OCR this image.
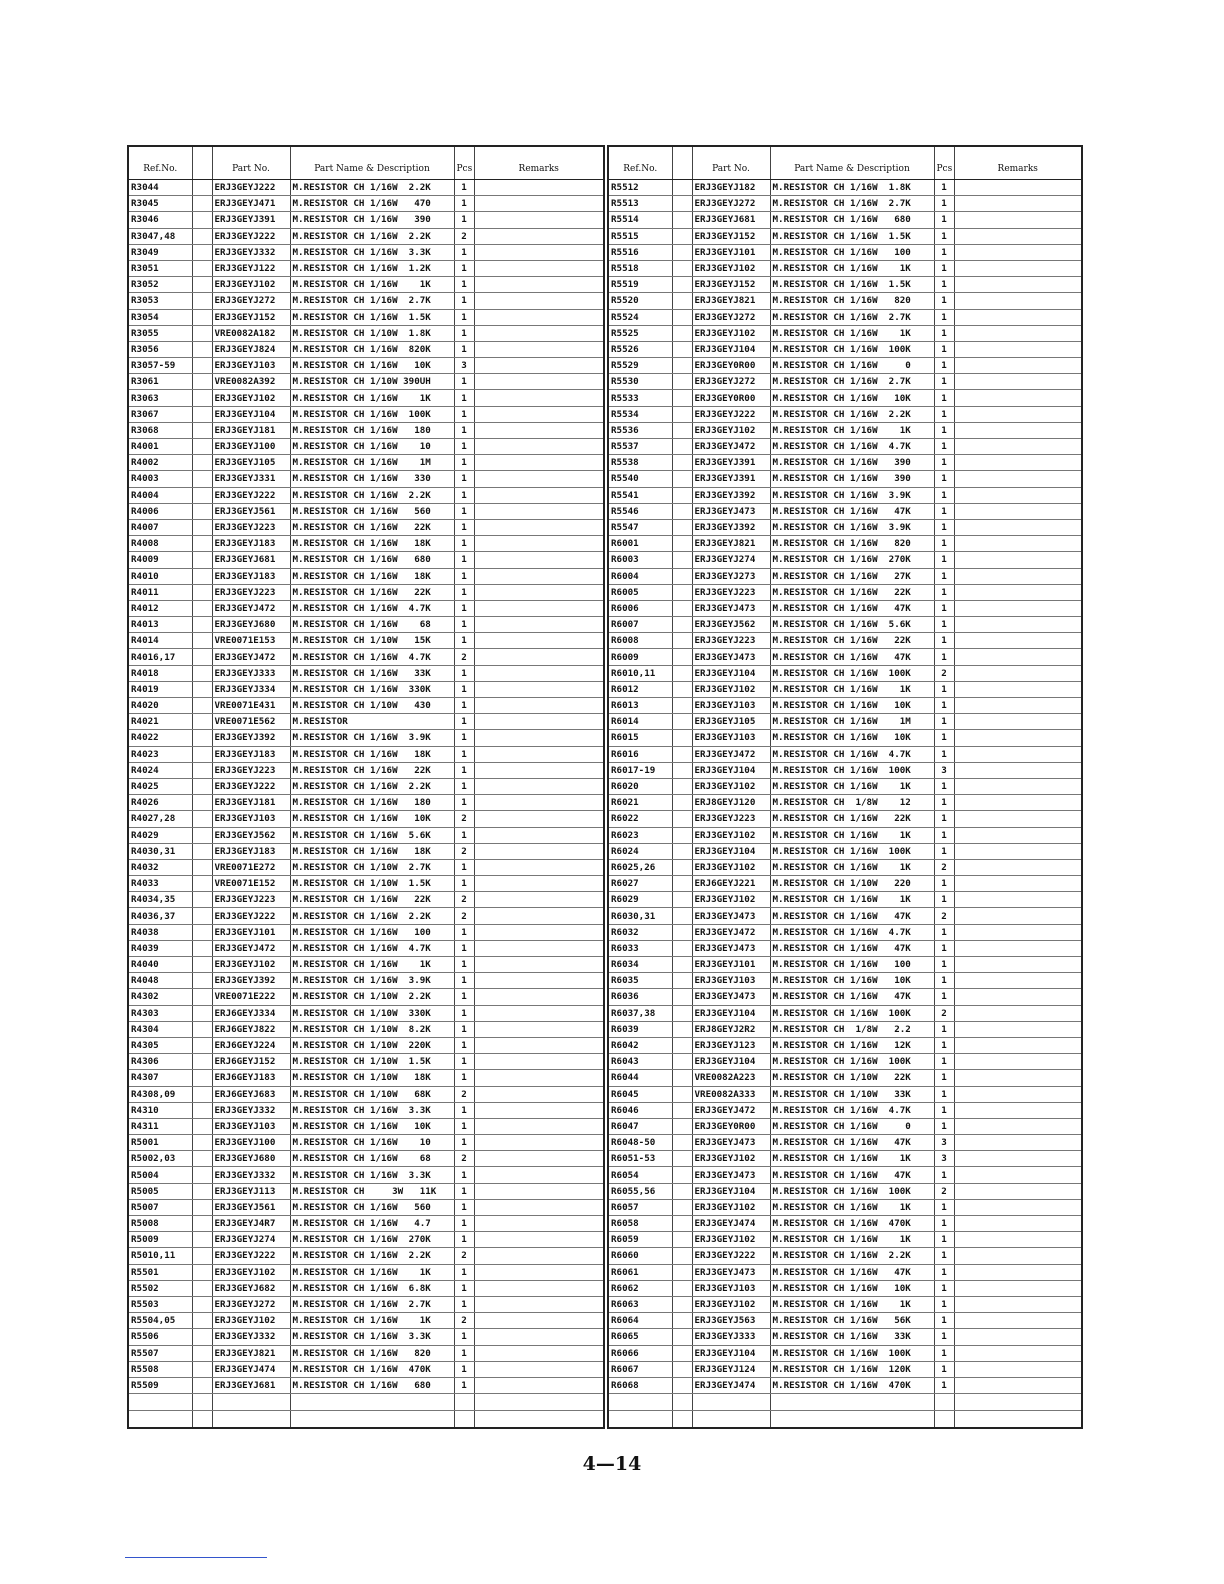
Ref.No.		Part No.	Part Name & Description	Pcs	Remarks
R3044		ERJ3GEYJ222	M.RESISTOR CH 1/16W  2.2K	1	
R3045		ERJ3GEYJ471	M.RESISTOR CH 1/16W   470	1	
R3046		ERJ3GEYJ391	M.RESISTOR CH 1/16W   390	1	
R3047,48		ERJ3GEYJ222	M.RESISTOR CH 1/16W  2.2K	2	
R3049		ERJ3GEYJ332	M.RESISTOR CH 1/16W  3.3K	1	
R3051		ERJ3GEYJ122	M.RESISTOR CH 1/16W  1.2K	1	
R3052		ERJ3GEYJ102	M.RESISTOR CH 1/16W    1K	1	
R3053		ERJ3GEYJ272	M.RESISTOR CH 1/16W  2.7K	1	
R3054		ERJ3GEYJ152	M.RESISTOR CH 1/16W  1.5K	1	
R3055		VRE0082A182	M.RESISTOR CH 1/10W  1.8K	1	
R3056		ERJ3GEYJ824	M.RESISTOR CH 1/16W  820K	1	
R3057-59		ERJ3GEYJ103	M.RESISTOR CH 1/16W   10K	3	
R3061		VRE0082A392	M.RESISTOR CH 1/10W 390UH	1	
R3063		ERJ3GEYJ102	M.RESISTOR CH 1/16W    1K	1	
R3067		ERJ3GEYJ104	M.RESISTOR CH 1/16W  100K	1	
R3068		ERJ3GEYJ181	M.RESISTOR CH 1/16W   180	1	
R4001		ERJ3GEYJ100	M.RESISTOR CH 1/16W    10	1	
R4002		ERJ3GEYJ105	M.RESISTOR CH 1/16W    1M	1	
R4003		ERJ3GEYJ331	M.RESISTOR CH 1/16W   330	1	
R4004		ERJ3GEYJ222	M.RESISTOR CH 1/16W  2.2K	1	
R4006		ERJ3GEYJ561	M.RESISTOR CH 1/16W   560	1	
R4007		ERJ3GEYJ223	M.RESISTOR CH 1/16W   22K	1	
R4008		ERJ3GEYJ183	M.RESISTOR CH 1/16W   18K	1	
R4009		ERJ3GEYJ681	M.RESISTOR CH 1/16W   680	1	
R4010		ERJ3GEYJ183	M.RESISTOR CH 1/16W   18K	1	
R4011		ERJ3GEYJ223	M.RESISTOR CH 1/16W   22K	1	
R4012		ERJ3GEYJ472	M.RESISTOR CH 1/16W  4.7K	1	
R4013		ERJ3GEYJ680	M.RESISTOR CH 1/16W    68	1	
R4014		VRE0071E153	M.RESISTOR CH 1/10W   15K	1	
R4016,17		ERJ3GEYJ472	M.RESISTOR CH 1/16W  4.7K	2	
R4018		ERJ3GEYJ333	M.RESISTOR CH 1/16W   33K	1	
R4019		ERJ3GEYJ334	M.RESISTOR CH 1/16W  330K	1	
R4020		VRE0071E431	M.RESISTOR CH 1/10W   430	1	
R4021		VRE0071E562	M.RESISTOR	1	
R4022		ERJ3GEYJ392	M.RESISTOR CH 1/16W  3.9K	1	
R4023		ERJ3GEYJ183	M.RESISTOR CH 1/16W   18K	1	
R4024		ERJ3GEYJ223	M.RESISTOR CH 1/16W   22K	1	
R4025		ERJ3GEYJ222	M.RESISTOR CH 1/16W  2.2K	1	
R4026		ERJ3GEYJ181	M.RESISTOR CH 1/16W   180	1	
R4027,28		ERJ3GEYJ103	M.RESISTOR CH 1/16W   10K	2	
R4029		ERJ3GEYJ562	M.RESISTOR CH 1/16W  5.6K	1	
R4030,31		ERJ3GEYJ183	M.RESISTOR CH 1/16W   18K	2	
R4032		VRE0071E272	M.RESISTOR CH 1/10W  2.7K	1	
R4033		VRE0071E152	M.RESISTOR CH 1/10W  1.5K	1	
R4034,35		ERJ3GEYJ223	M.RESISTOR CH 1/16W   22K	2	
R4036,37		ERJ3GEYJ222	M.RESISTOR CH 1/16W  2.2K	2	
R4038		ERJ3GEYJ101	M.RESISTOR CH 1/16W   100	1	
R4039		ERJ3GEYJ472	M.RESISTOR CH 1/16W  4.7K	1	
R4040		ERJ3GEYJ102	M.RESISTOR CH 1/16W    1K	1	
R4048		ERJ3GEYJ392	M.RESISTOR CH 1/16W  3.9K	1	
R4302		VRE0071E222	M.RESISTOR CH 1/10W  2.2K	1	
R4303		ERJ6GEYJ334	M.RESISTOR CH 1/10W  330K	1	
R4304		ERJ6GEYJ822	M.RESISTOR CH 1/10W  8.2K	1	
R4305		ERJ6GEYJ224	M.RESISTOR CH 1/10W  220K	1	
R4306		ERJ6GEYJ152	M.RESISTOR CH 1/10W  1.5K	1	
R4307		ERJ6GEYJ183	M.RESISTOR CH 1/10W   18K	1	
R4308,09		ERJ6GEYJ683	M.RESISTOR CH 1/10W   68K	2	
R4310		ERJ3GEYJ332	M.RESISTOR CH 1/16W  3.3K	1	
R4311		ERJ3GEYJ103	M.RESISTOR CH 1/16W   10K	1	
R5001		ERJ3GEYJ100	M.RESISTOR CH 1/16W    10	1	
R5002,03		ERJ3GEYJ680	M.RESISTOR CH 1/16W    68	2	
R5004		ERJ3GEYJ332	M.RESISTOR CH 1/16W  3.3K	1	
R5005		ERJ3GEYJ113	M.RESISTOR CH     3W   11K	1	
R5007		ERJ3GEYJ561	M.RESISTOR CH 1/16W   560	1	
R5008		ERJ3GEYJ4R7	M.RESISTOR CH 1/16W   4.7	1	
R5009		ERJ3GEYJ274	M.RESISTOR CH 1/16W  270K	1	
R5010,11		ERJ3GEYJ222	M.RESISTOR CH 1/16W  2.2K	2	
R5501		ERJ3GEYJ102	M.RESISTOR CH 1/16W    1K	1	
R5502		ERJ3GEYJ682	M.RESISTOR CH 1/16W  6.8K	1	
R5503		ERJ3GEYJ272	M.RESISTOR CH 1/16W  2.7K	1	
R5504,05		ERJ3GEYJ102	M.RESISTOR CH 1/16W    1K	2	
R5506		ERJ3GEYJ332	M.RESISTOR CH 1/16W  3.3K	1	
R5507		ERJ3GEYJ821	M.RESISTOR CH 1/16W   820	1	
R5508		ERJ3GEYJ474	M.RESISTOR CH 1/16W  470K	1	
R5509		ERJ3GEYJ681	M.RESISTOR CH 1/16W   680	1	

Ref.No.		Part No.	Part Name & Description	Pcs	Remarks
R5512		ERJ3GEYJ182	M.RESISTOR CH 1/16W  1.8K	1	
R5513		ERJ3GEYJ272	M.RESISTOR CH 1/16W  2.7K	1	
R5514		ERJ3GEYJ681	M.RESISTOR CH 1/16W   680	1	
R5515		ERJ3GEYJ152	M.RESISTOR CH 1/16W  1.5K	1	
R5516		ERJ3GEYJ101	M.RESISTOR CH 1/16W   100	1	
R5518		ERJ3GEYJ102	M.RESISTOR CH 1/16W    1K	1	
R5519		ERJ3GEYJ152	M.RESISTOR CH 1/16W  1.5K	1	
R5520		ERJ3GEYJ821	M.RESISTOR CH 1/16W   820	1	
R5524		ERJ3GEYJ272	M.RESISTOR CH 1/16W  2.7K	1	
R5525		ERJ3GEYJ102	M.RESISTOR CH 1/16W    1K	1	
R5526		ERJ3GEYJ104	M.RESISTOR CH 1/16W  100K	1	
R5529		ERJ3GEY0R00	M.RESISTOR CH 1/16W     0	1	
R5530		ERJ3GEYJ272	M.RESISTOR CH 1/16W  2.7K	1	
R5533		ERJ3GEY0R00	M.RESISTOR CH 1/16W   10K	1	
R5534		ERJ3GEYJ222	M.RESISTOR CH 1/16W  2.2K	1	
R5536		ERJ3GEYJ102	M.RESISTOR CH 1/16W    1K	1	
R5537		ERJ3GEYJ472	M.RESISTOR CH 1/16W  4.7K	1	
R5538		ERJ3GEYJ391	M.RESISTOR CH 1/16W   390	1	
R5540		ERJ3GEYJ391	M.RESISTOR CH 1/16W   390	1	
R5541		ERJ3GEYJ392	M.RESISTOR CH 1/16W  3.9K	1	
R5546		ERJ3GEYJ473	M.RESISTOR CH 1/16W   47K	1	
R5547		ERJ3GEYJ392	M.RESISTOR CH 1/16W  3.9K	1	
R6001		ERJ3GEYJ821	M.RESISTOR CH 1/16W   820	1	
R6003		ERJ3GEYJ274	M.RESISTOR CH 1/16W  270K	1	
R6004		ERJ3GEYJ273	M.RESISTOR CH 1/16W   27K	1	
R6005		ERJ3GEYJ223	M.RESISTOR CH 1/16W   22K	1	
R6006		ERJ3GEYJ473	M.RESISTOR CH 1/16W   47K	1	
R6007		ERJ3GEYJ562	M.RESISTOR CH 1/16W  5.6K	1	
R6008		ERJ3GEYJ223	M.RESISTOR CH 1/16W   22K	1	
R6009		ERJ3GEYJ473	M.RESISTOR CH 1/16W   47K	1	
R6010,11		ERJ3GEYJ104	M.RESISTOR CH 1/16W  100K	2	
R6012		ERJ3GEYJ102	M.RESISTOR CH 1/16W    1K	1	
R6013		ERJ3GEYJ103	M.RESISTOR CH 1/16W   10K	1	
R6014		ERJ3GEYJ105	M.RESISTOR CH 1/16W    1M	1	
R6015		ERJ3GEYJ103	M.RESISTOR CH 1/16W   10K	1	
R6016		ERJ3GEYJ472	M.RESISTOR CH 1/16W  4.7K	1	
R6017-19		ERJ3GEYJ104	M.RESISTOR CH 1/16W  100K	3	
R6020		ERJ3GEYJ102	M.RESISTOR CH 1/16W    1K	1	
R6021		ERJ8GEYJ120	M.RESISTOR CH  1/8W    12	1	
R6022		ERJ3GEYJ223	M.RESISTOR CH 1/16W   22K	1	
R6023		ERJ3GEYJ102	M.RESISTOR CH 1/16W    1K	1	
R6024		ERJ3GEYJ104	M.RESISTOR CH 1/16W  100K	1	
R6025,26		ERJ3GEYJ102	M.RESISTOR CH 1/16W    1K	2	
R6027		ERJ6GEYJ221	M.RESISTOR CH 1/10W   220	1	
R6029		ERJ3GEYJ102	M.RESISTOR CH 1/16W    1K	1	
R6030,31		ERJ3GEYJ473	M.RESISTOR CH 1/16W   47K	2	
R6032		ERJ3GEYJ472	M.RESISTOR CH 1/16W  4.7K	1	
R6033		ERJ3GEYJ473	M.RESISTOR CH 1/16W   47K	1	
R6034		ERJ3GEYJ101	M.RESISTOR CH 1/16W   100	1	
R6035		ERJ3GEYJ103	M.RESISTOR CH 1/16W   10K	1	
R6036		ERJ3GEYJ473	M.RESISTOR CH 1/16W   47K	1	
R6037,38		ERJ3GEYJ104	M.RESISTOR CH 1/16W  100K	2	
R6039		ERJ8GEYJ2R2	M.RESISTOR CH  1/8W   2.2	1	
R6042		ERJ3GEYJ123	M.RESISTOR CH 1/16W   12K	1	
R6043		ERJ3GEYJ104	M.RESISTOR CH 1/16W  100K	1	
R6044		VRE0082A223	M.RESISTOR CH 1/10W   22K	1	
R6045		VRE0082A333	M.RESISTOR CH 1/10W   33K	1	
R6046		ERJ3GEYJ472	M.RESISTOR CH 1/16W  4.7K	1	
R6047		ERJ3GEY0R00	M.RESISTOR CH 1/16W     0	1	
R6048-50		ERJ3GEYJ473	M.RESISTOR CH 1/16W   47K	3	
R6051-53		ERJ3GEYJ102	M.RESISTOR CH 1/16W    1K	3	
R6054		ERJ3GEYJ473	M.RESISTOR CH 1/16W   47K	1	
R6055,56		ERJ3GEYJ104	M.RESISTOR CH 1/16W  100K	2	
R6057		ERJ3GEYJ102	M.RESISTOR CH 1/16W    1K	1	
R6058		ERJ3GEYJ474	M.RESISTOR CH 1/16W  470K	1	
R6059		ERJ3GEYJ102	M.RESISTOR CH 1/16W    1K	1	
R6060		ERJ3GEYJ222	M.RESISTOR CH 1/16W  2.2K	1	
R6061		ERJ3GEYJ473	M.RESISTOR CH 1/16W   47K	1	
R6062		ERJ3GEYJ103	M.RESISTOR CH 1/16W   10K	1	
R6063		ERJ3GEYJ102	M.RESISTOR CH 1/16W    1K	1	
R6064		ERJ3GEYJ563	M.RESISTOR CH 1/16W   56K	1	
R6065		ERJ3GEYJ333	M.RESISTOR CH 1/16W   33K	1	
R6066		ERJ3GEYJ104	M.RESISTOR CH 1/16W  100K	1	
R6067		ERJ3GEYJ124	M.RESISTOR CH 1/16W  120K	1	
R6068		ERJ3GEYJ474	M.RESISTOR CH 1/16W  470K	1	

4—14
